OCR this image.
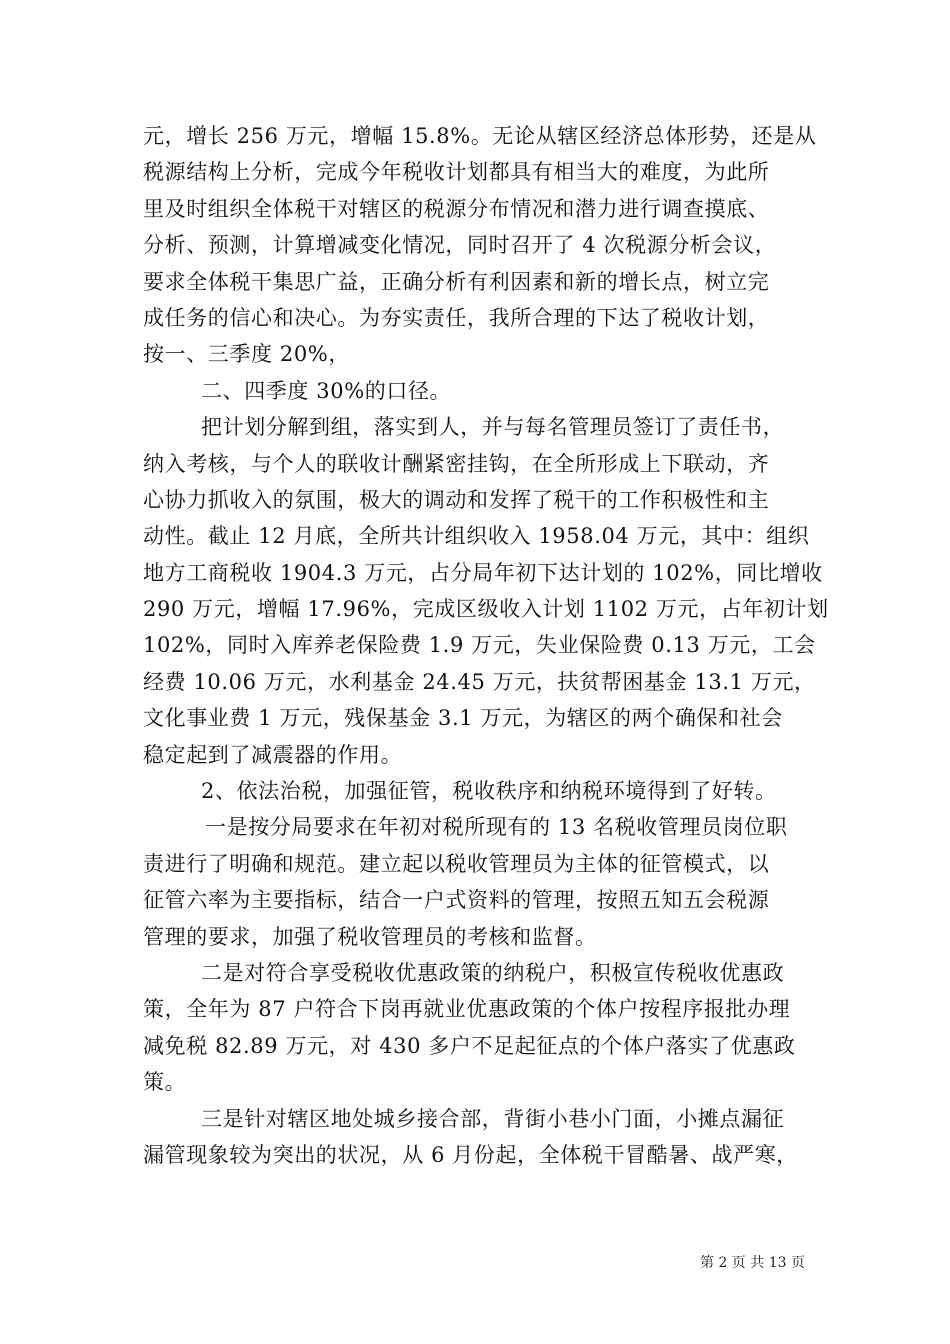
元，增长 256 万元，增幅 15.8%。无论从辖区经济总体形势，还是从
税源结构上分析，完成今年税收计划都具有相当大的难度，为此所
里及时组织全体税干对辖区的税源分布情况和潜力进行调查摸底、
分析、预测，计算增减变化情况，同时召开了 4 次税源分析会议，
要求全体税干集思广益，正确分析有利因素和新的增长点，树立完
成任务的信心和决心。为夯实责任，我所合理的下达了税收计划，
按一、三季度 20%，
二、四季度 30%的口径。
把计划分解到组，落实到人，并与每名管理员签订了责任书，
纳入考核，与个人的联收计酬紧密挂钩，在全所形成上下联动，齐
心协力抓收入的氛围，极大的调动和发挥了税干的工作积极性和主
动性。截止 12 月底，全所共计组织收入 1958.04 万元，其中：组织
地方工商税收 1904.3 万元，占分局年初下达计划的 102%，同比增收
290 万元，增幅 17.96%，完成区级收入计划 1102 万元，占年初计划
102%，同时入库养老保险费 1.9 万元，失业保险费 0.13 万元，工会
经费 10.06 万元，水利基金 24.45 万元，扶贫帮困基金 13.1 万元，
文化事业费 1 万元，残保基金 3.1 万元，为辖区的两个确保和社会
稳定起到了减震器的作用。
2、依法治税，加强征管，税收秩序和纳税环境得到了好转。
一是按分局要求在年初对税所现有的 13 名税收管理员岗位职
责进行了明确和规范。建立起以税收管理员为主体的征管模式，以
征管六率为主要指标，结合一户式资料的管理，按照五知五会税源
管理的要求，加强了税收管理员的考核和监督。
二是对符合享受税收优惠政策的纳税户，积极宣传税收优惠政
策，全年为 87 户符合下岗再就业优惠政策的个体户按程序报批办理
减免税 82.89 万元，对 430 多户不足起征点的个体户落实了优惠政
策。
三是针对辖区地处城乡接合部，背街小巷小门面，小摊点漏征
漏管现象较为突出的状况，从 6 月份起，全体税干冒酷暑、战严寒，
第 2 页 共 13 页
